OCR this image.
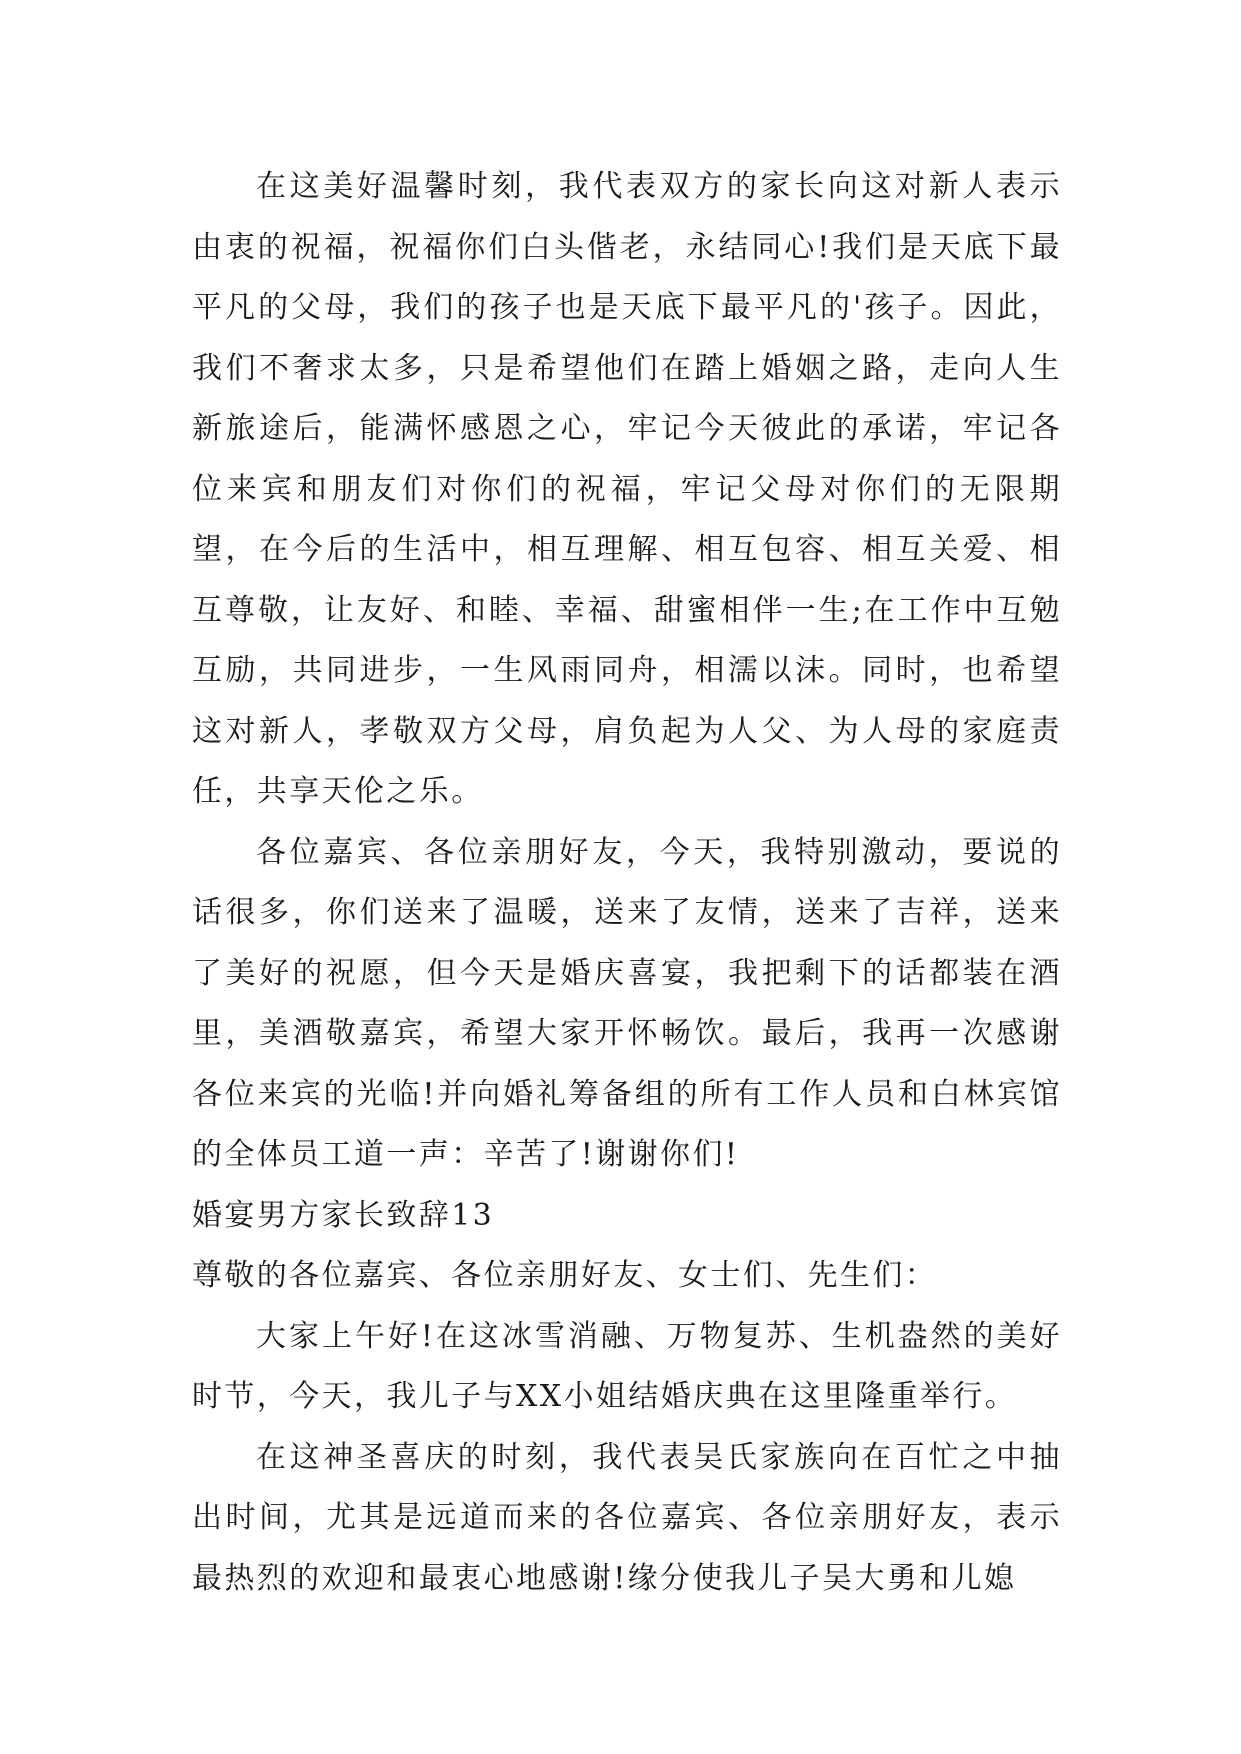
在这美好温馨时刻，我代表双方的家长向这对新人表示由衷的祝福，祝福你们白头偕老，永结同心!我们是天底下最平凡的父母，我们的孩子也是天底下最平凡的'孩子。因此，我们不奢求太多，只是希望他们在踏上婚姻之路，走向人生新旅途后，能满怀感恩之心，牢记今天彼此的承诺，牢记各位来宾和朋友们对你们的祝福，牢记父母对你们的无限期望，在今后的生活中，相互理解、相互包容、相互关爱、相互尊敬，让友好、和睦、幸福、甜蜜相伴一生;在工作中互勉互励，共同进步，一生风雨同舟，相濡以沫。同时，也希望这对新人，孝敬双方父母，肩负起为人父、为人母的家庭责任，共享天伦之乐。

各位嘉宾、各位亲朋好友，今天，我特别激动，要说的话很多，你们送来了温暖，送来了友情，送来了吉祥，送来了美好的祝愿，但今天是婚庆喜宴，我把剩下的话都装在酒里，美酒敬嘉宾，希望大家开怀畅饮。最后，我再一次感谢各位来宾的光临!并向婚礼筹备组的所有工作人员和白林宾馆的全体员工道一声：辛苦了!谢谢你们!

婚宴男方家长致辞13

尊敬的各位嘉宾、各位亲朋好友、女士们、先生们：

大家上午好!在这冰雪消融、万物复苏、生机盎然的美好时节，今天，我儿子与XX小姐结婚庆典在这里隆重举行。

在这神圣喜庆的时刻，我代表吴氏家族向在百忙之中抽出时间，尤其是远道而来的各位嘉宾、各位亲朋好友，表示最热烈的欢迎和最衷心地感谢!缘分使我儿子吴大勇和儿媳
